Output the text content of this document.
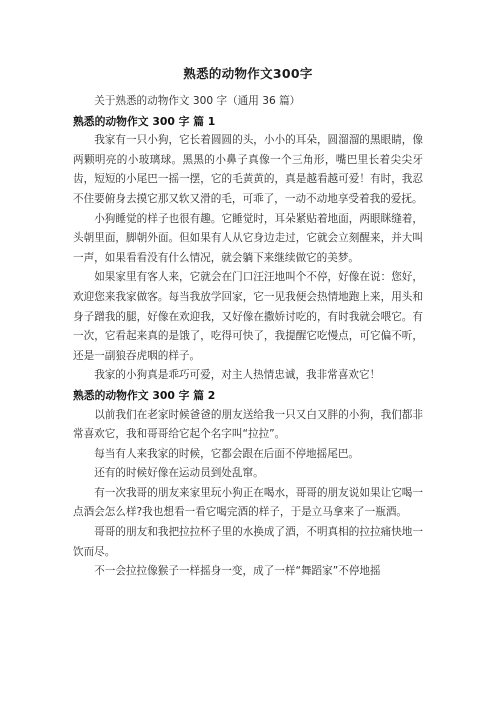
熟悉的动物作文300字

关于熟悉的动物作文 300 字（通用 36 篇）

熟悉的动物作文 300 字 篇 1

我家有一只小狗，它长着圆圆的头，小小的耳朵，圆溜溜的黑眼睛，像两颗明亮的小玻璃球。黑黑的小鼻子真像一个三角形，嘴巴里长着尖尖牙齿，短短的小尾巴一摇一摆，它的毛黄黄的，真是越看越可爱！有时，我忍不住要俯身去摸它那又软又滑的毛，可乖了，一动不动地享受着我的爱抚。

小狗睡觉的样子也很有趣。它睡觉时，耳朵紧贴着地面，两眼眯缝着，头朝里面，脚朝外面。但如果有人从它身边走过，它就会立刻醒来，并大叫一声，如果看看没有什么情况，就会躺下来继续做它的美梦。

如果家里有客人来，它就会在门口汪汪地叫个不停，好像在说：您好，欢迎您来我家做客。每当我放学回家，它一见我便会热情地跑上来，用头和身子蹭我的腿，好像在欢迎我，又好像在撒娇讨吃的，有时我就会喂它。有一次，它看起来真的是饿了，吃得可快了，我提醒它吃慢点，可它偏不听，还是一副狼吞虎咽的样子。

我家的小狗真是乖巧可爱，对主人热情忠诚，我非常喜欢它！

熟悉的动物作文 300 字 篇 2

以前我们在老家时候爸爸的朋友送给我一只又白又胖的小狗，我们都非常喜欢它，我和哥哥给它起个名字叫“拉拉”。

每当有人来我家的时候，它都会跟在后面不停地摇尾巴。

还有的时候好像在运动员到处乱窜。

有一次我哥的朋友来家里玩小狗正在喝水，哥哥的朋友说如果让它喝一点酒会怎么样?我也想看一看它喝完酒的样子，于是立马拿来了一瓶酒。

哥哥的朋友和我把拉拉杯子里的水换成了酒，不明真相的拉拉痛快地一饮而尽。

不一会拉拉像猴子一样摇身一变，成了一样“舞蹈家”不停地摇
